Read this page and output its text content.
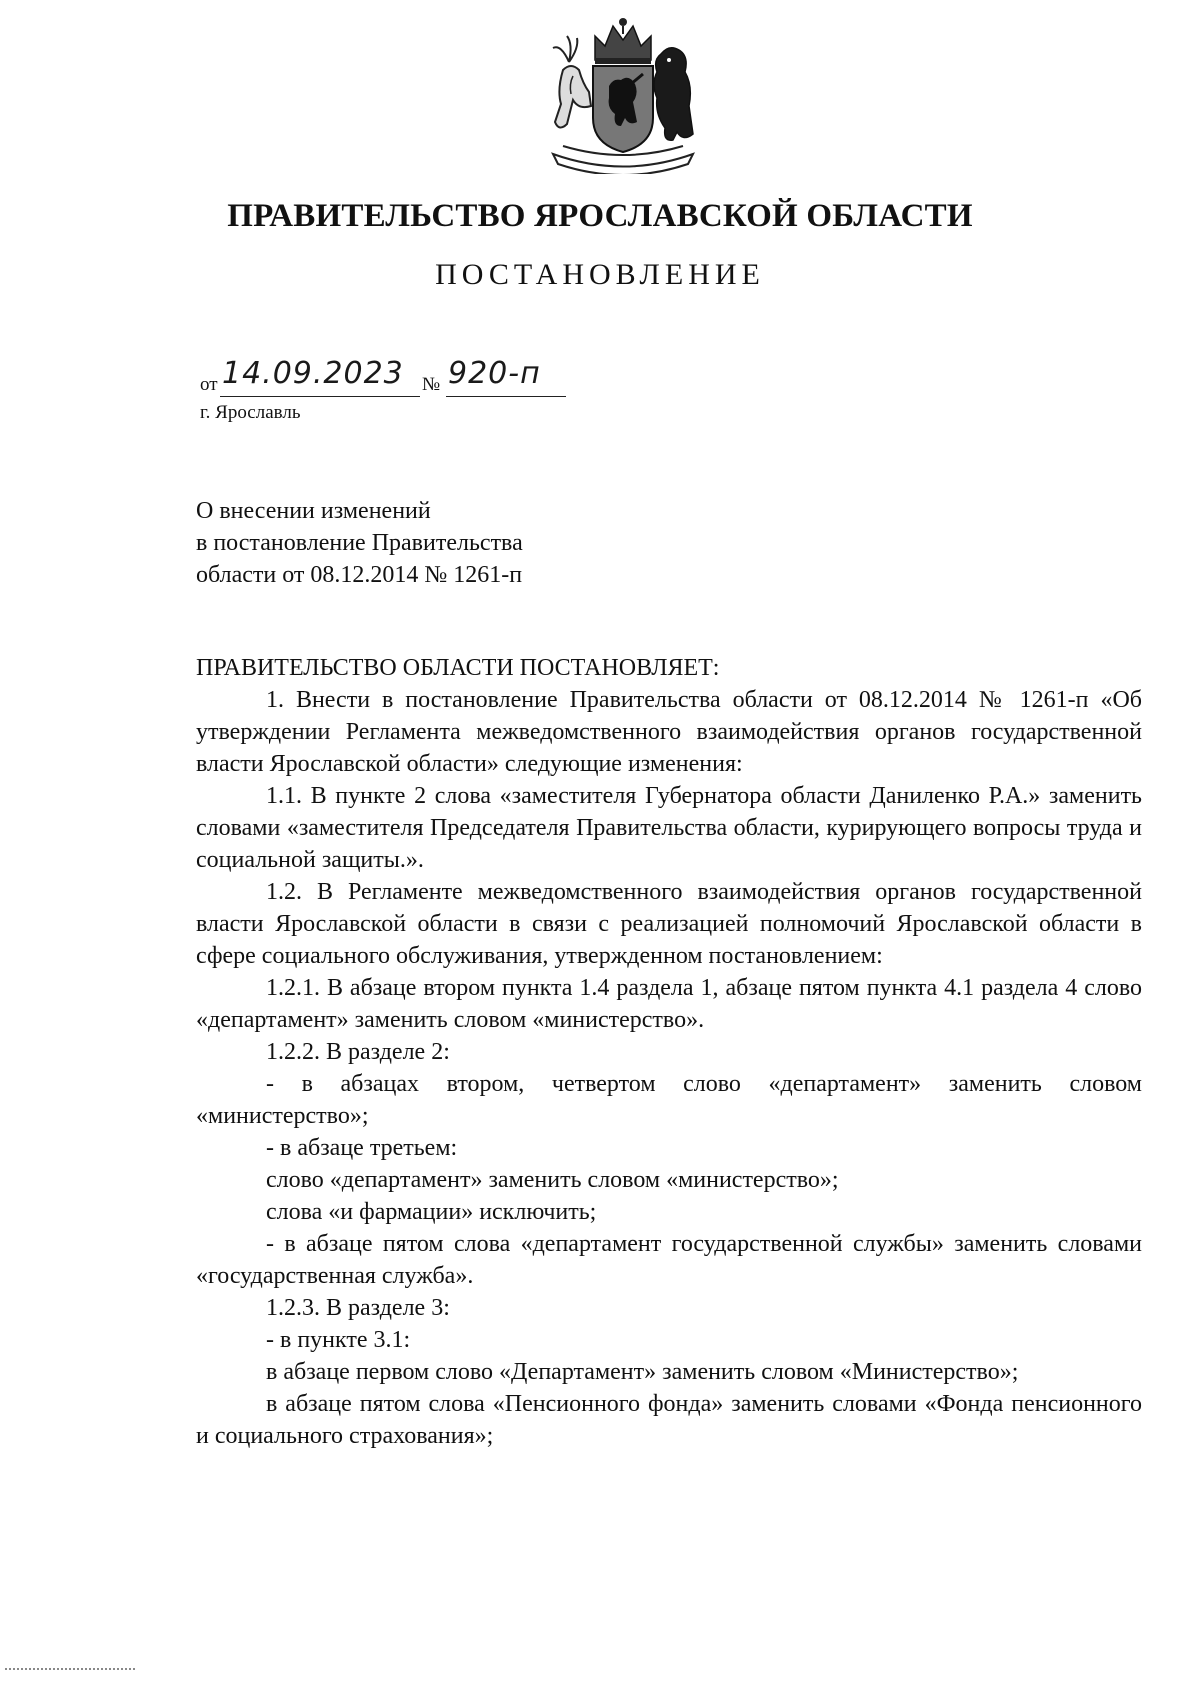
ПРАВИТЕЛЬСТВО ЯРОСЛАВСКОЙ ОБЛАСТИ
ПОСТАНОВЛЕНИЕ
от 14.09.2023 № 920-п
г. Ярославль
О внесении изменений
в постановление Правительства
области от 08.12.2014 № 1261-п

ПРАВИТЕЛЬСТВО ОБЛАСТИ ПОСТАНОВЛЯЕТ:

1. Внести в постановление Правительства области от 08.12.2014 № 1261-п «Об утверждении Регламента межведомственного взаимодействия органов государственной власти Ярославской области» следующие изменения:

1.1. В пункте 2 слова «заместителя Губернатора области Даниленко Р.А.» заменить словами «заместителя Председателя Правительства области, курирующего вопросы труда и социальной защиты.».

1.2. В Регламенте межведомственного взаимодействия органов государственной власти Ярославской области в связи с реализацией полномочий Ярославской области в сфере социального обслуживания, утвержденном постановлением:

1.2.1. В абзаце втором пункта 1.4 раздела 1, абзаце пятом пункта 4.1 раздела 4 слово «департамент» заменить словом «министерство».

1.2.2. В разделе 2:

- в абзацах втором, четвертом слово «департамент» заменить словом «министерство»;

- в абзаце третьем:

слово «департамент» заменить словом «министерство»;

слова «и фармации» исключить;

- в абзаце пятом слова «департамент государственной службы» заменить словами «государственная служба».

1.2.3. В разделе 3:

- в пункте 3.1:

в абзаце первом слово «Департамент» заменить словом «Министерство»;

в абзаце пятом слова «Пенсионного фонда» заменить словами «Фонда пенсионного и социального страхования»;
